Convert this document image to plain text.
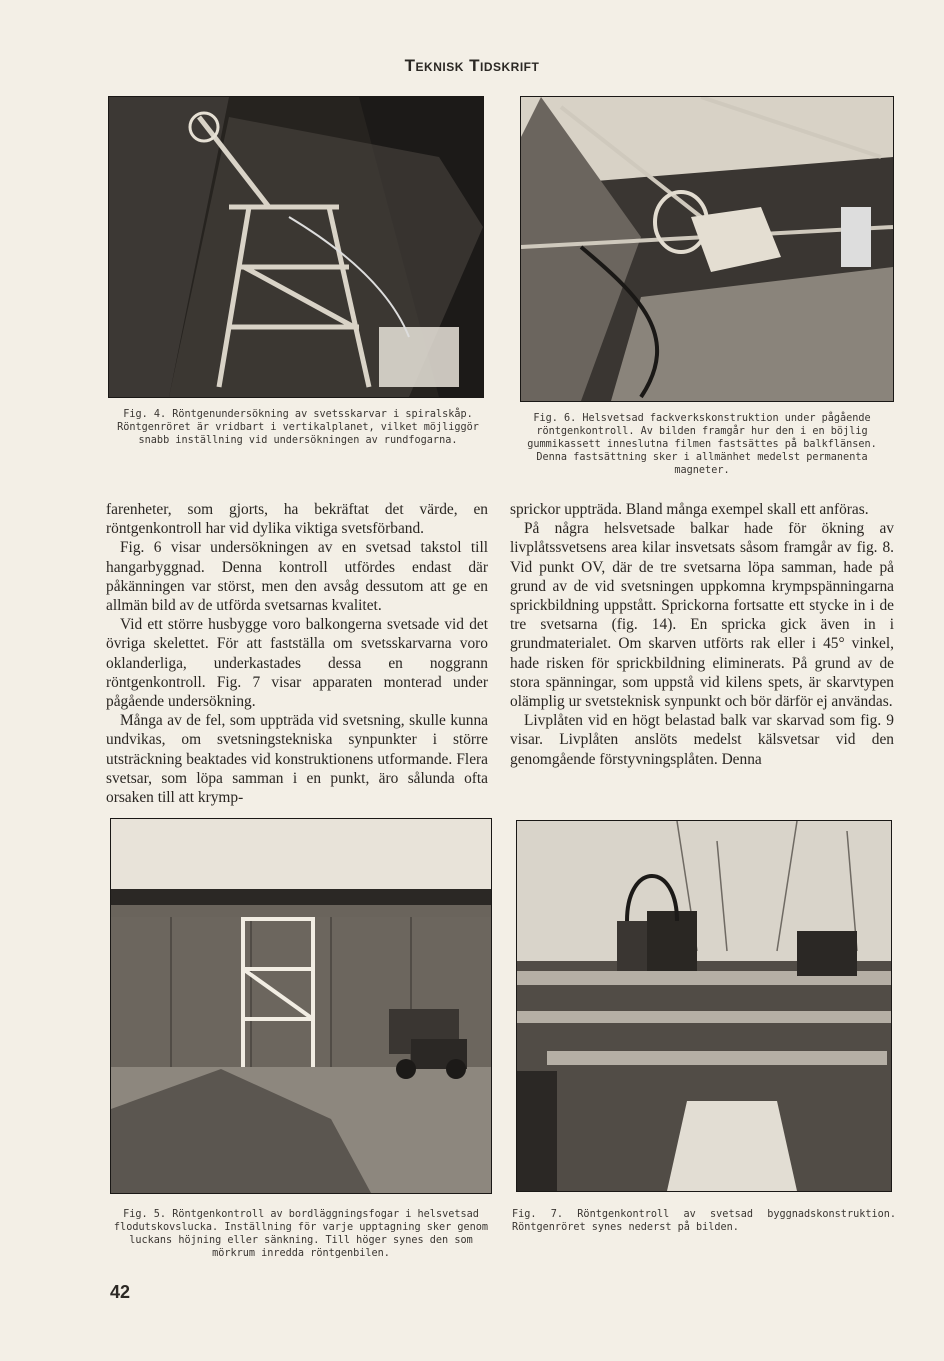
Teknisk Tidskrift
Fig. 4. Röntgenundersökning av svetsskarvar i spiralskåp. Röntgenröret är vridbart i vertikalplanet, vilket möjliggör snabb inställning vid undersökningen av rundfogarna.
Fig. 6. Helsvetsad fackverkskonstruktion under pågående röntgenkontroll. Av bilden framgår hur den i en böjlig gummikassett inneslutna filmen fastsättes på balkflänsen. Denna fastsättning sker i allmänhet medelst permanenta magneter.

farenheter, som gjorts, ha bekräftat det värde, en röntgenkontroll har vid dylika viktiga svetsförband.

Fig. 6 visar undersökningen av en svetsad takstol till hangarbyggnad. Denna kontroll utfördes endast där påkänningen var störst, men den avsåg dessutom att ge en allmän bild av de utförda svetsarnas kvalitet.

Vid ett större husbygge voro balkongerna svetsade vid det övriga skelettet. För att fastställa om svetsskarvarna voro oklanderliga, underkastades dessa en noggrann röntgenkontroll. Fig. 7 visar apparaten monterad under pågående undersökning.

Många av de fel, som uppträda vid svetsning, skulle kunna undvikas, om svetsningstekniska synpunkter i större utsträckning beaktades vid konstruktionens utformande. Flera svetsar, som löpa samman i en punkt, äro sålunda ofta orsaken till att krymp-

sprickor uppträda. Bland många exempel skall ett anföras.

På några helsvetsade balkar hade för ökning av livplåtssvetsens area kilar insvetsats såsom framgår av fig. 8. Vid punkt OV, där de tre svetsarna löpa samman, hade på grund av de vid svetsningen uppkomna krympspänningarna sprickbildning uppstått. Sprickorna fortsatte ett stycke in i de tre svetsarna (fig. 14). En spricka gick även in i grundmaterialet. Om skarven utförts rak eller i 45° vinkel, hade risken för sprickbildning eliminerats. På grund av de stora spänningar, som uppstå vid kilens spets, är skarvtypen olämplig ur svetsteknisk synpunkt och bör därför ej användas.

Livplåten vid en högt belastad balk var skarvad som fig. 9 visar. Livplåten anslöts medelst kälsvetsar vid den genomgående förstyvningsplåten. Denna

Fig. 5. Röntgenkontroll av bordläggningsfogar i helsvetsad flodutskovslucka. Inställning för varje upptagning sker genom luckans höjning eller sänkning. Till höger synes den som mörkrum inredda röntgenbilen.
Fig. 7. Röntgenkontroll av svetsad byggnadskonstruktion. Röntgenröret synes nederst på bilden.
42
